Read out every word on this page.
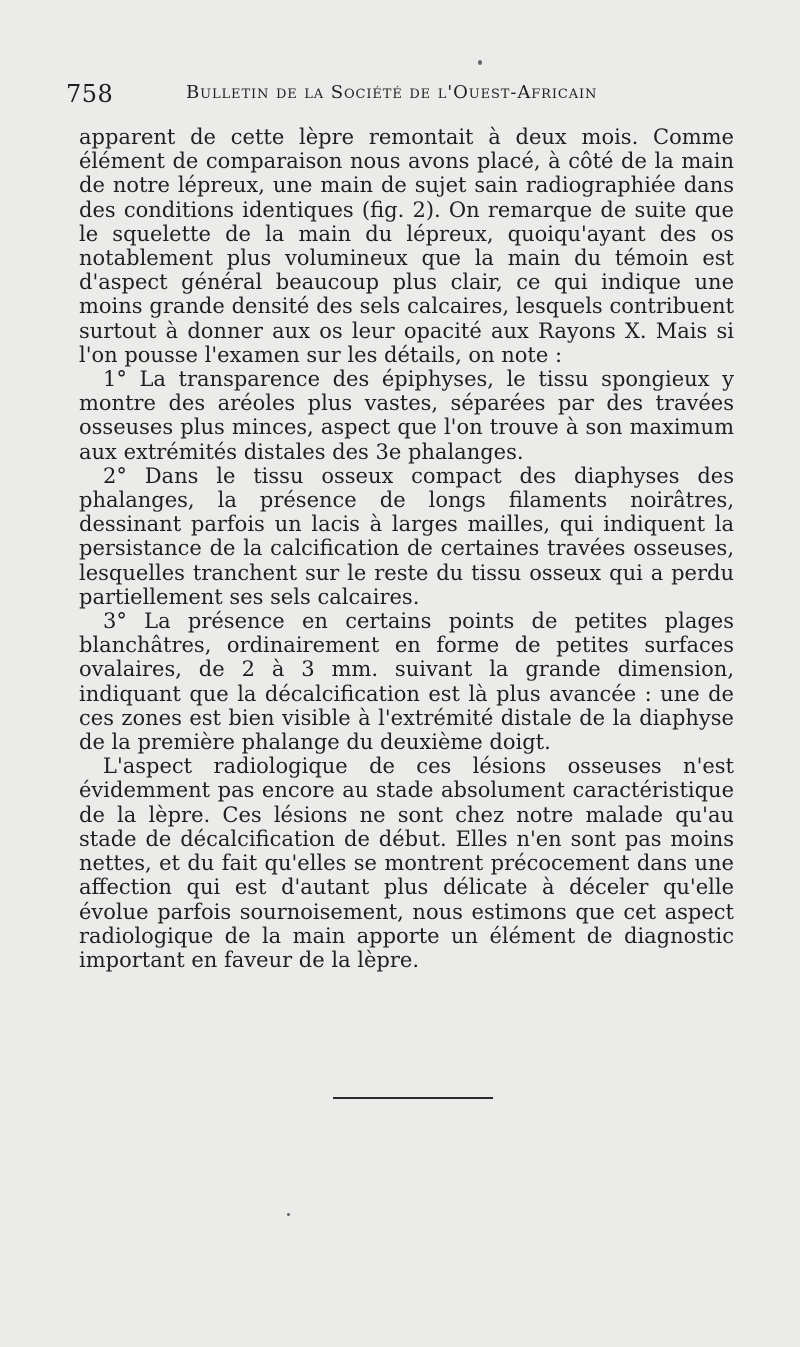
758	Bulletin de la Société de l'Ouest-Africain

apparent de cette lèpre remontait à deux mois. Comme élément de comparaison nous avons placé, à côté de la main de notre lépreux, une main de sujet sain radiographiée dans des conditions identiques (fig. 2). On remarque de suite que le squelette de la main du lépreux, quoiqu'ayant des os notablement plus volumineux que la main du témoin est d'aspect général beaucoup plus clair, ce qui indique une moins grande densité des sels calcaires, lesquels contribuent surtout à donner aux os leur opacité aux Rayons X. Mais si l'on pousse l'examen sur les détails, on note :

1° La transparence des épiphyses, le tissu spongieux y montre des aréoles plus vastes, séparées par des travées osseuses plus minces, aspect que l'on trouve à son maximum aux extrémités distales des 3e phalanges.

2° Dans le tissu osseux compact des diaphyses des phalanges, la présence de longs filaments noirâtres, dessinant parfois un lacis à larges mailles, qui indiquent la persistance de la calcification de certaines travées osseuses, lesquelles tranchent sur le reste du tissu osseux qui a perdu partiellement ses sels calcaires.

3° La présence en certains points de petites plages blanchâtres, ordinairement en forme de petites surfaces ovalaires, de 2 à 3 mm. suivant la grande dimension, indiquant que la décalcification est là plus avancée : une de ces zones est bien visible à l'extrémité distale de la diaphyse de la première phalange du deuxième doigt.

L'aspect radiologique de ces lésions osseuses n'est évidemment pas encore au stade absolument caractéristique de la lèpre. Ces lésions ne sont chez notre malade qu'au stade de décalcification de début. Elles n'en sont pas moins nettes, et du fait qu'elles se montrent précocement dans une affection qui est d'autant plus délicate à déceler qu'elle évolue parfois sournoisement, nous estimons que cet aspect radiologique de la main apporte un élément de diagnostic important en faveur de la lèpre.
